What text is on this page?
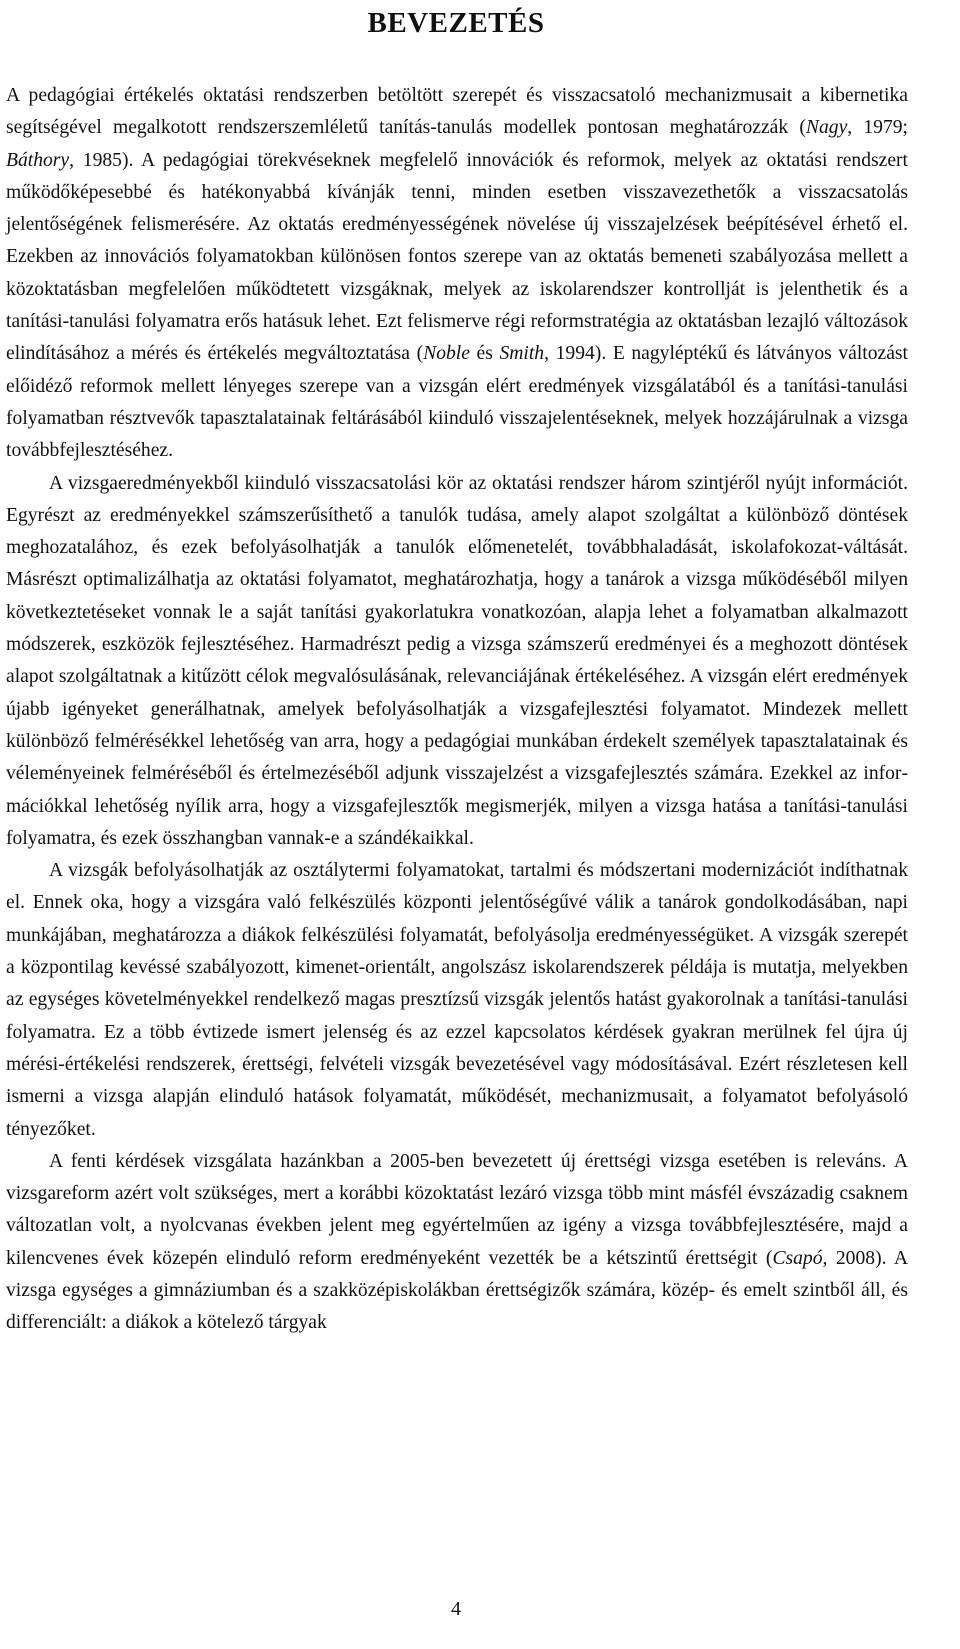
BEVEZETÉS

A pedagógiai értékelés oktatási rendszerben betöltött szerepét és visszacsatoló mechanizmusait a kibernetika segítségével megalkotott rendszerszemléletű tanítás-tanulás modellek pontosan meghatározzák (Nagy, 1979; Báthory, 1985). A pedagógiai törekvéseknek megfelelő innovációk és reformok, melyek az oktatási rendszert működőképesebbé és hatékonyabbá kívánják tenni, minden esetben visszavezethetők a visszacsatolás jelentőségének felismerésére. Az oktatás eredményességének növelése új visszajelzések beépítésével érhető el. Ezekben az innovációs folyamatokban különösen fontos szerepe van az oktatás bemeneti szabályozása mellett a közoktatásban megfelelően működtetett vizsgáknak, melyek az iskolarendszer kontrollját is jelenthetik és a tanítási-tanulási folyamatra erős hatásuk lehet. Ezt felismerve régi reformstratégia az oktatásban lezajló változások elindításához a mérés és értékelés megváltoztatása (Noble és Smith, 1994). E nagyléptékű és látványos változást előidéző reformok mellett lényeges szerepe van a vizsgán elért eredmények vizsgálatából és a tanítási-tanulási folyamatban résztvevők tapasztalatainak feltárásából kiinduló visszajelentéseknek, melyek hozzájárulnak a vizsga továbbfejlesztéséhez.

A vizsgaeredményekből kiinduló visszacsatolási kör az oktatási rendszer három szintjéről nyújt információt. Egyrészt az eredményekkel számszerűsíthető a tanulók tudása, amely alapot szolgáltat a különböző döntések meghozatalához, és ezek befolyásolhatják a tanulók előmenetelét, továbbhaladását, iskolafokozat-váltását. Másrészt optimalizálhatja az oktatási folyamatot, meghatározhatja, hogy a tanárok a vizsga működéséből milyen következtetéseket vonnak le a saját tanítási gyakorlatukra vonatkozóan, alapja lehet a folyamatban alkalmazott módszerek, eszközök fejlesztéséhez. Harmadrészt pedig a vizsga számszerű eredményei és a meghozott döntések alapot szolgáltatnak a kitűzött célok megvalósulásának, relevanciájának értékeléséhez. A vizsgán elért eredmények újabb igényeket generálhatnak, amelyek befolyásolhatják a vizsgafejlesztési folyamatot. Mindezek mellett különböző felmérésékkel lehetőség van arra, hogy a pedagógiai munkában érdekelt személyek tapasztalatainak és véleményeinek felméréséből és értelmezéséből adjunk visszajelzést a vizsgafejlesztés számára. Ezekkel az információkkal lehetőség nyílik arra, hogy a vizsgafejlesztők megismerjék, milyen a vizsga hatása a tanítási-tanulási folyamatra, és ezek összhangban vannak-e a szándékaikkal.

A vizsgák befolyásolhatják az osztálytermi folyamatokat, tartalmi és módszertani modernizációt indíthatnak el. Ennek oka, hogy a vizsgára való felkészülés központi jelentőségűvé válik a tanárok gondolkodásában, napi munkájában, meghatározza a diákok felkészülési folyamatát, befolyásolja eredményességüket. A vizsgák szerepét a központilag kevéssé szabályozott, kimenet-orientált, angolszász iskolarendszerek példája is mutatja, melyekben az egységes követelményekkel rendelkező magas presztízsű vizsgák jelentős hatást gyakorolnak a tanítási-tanulási folyamatra. Ez a több évtizede ismert jelenség és az ezzel kapcsolatos kérdések gyakran merülnek fel újra új mérési-értékelési rendszerek, érettségi, felvételi vizsgák bevezetésével vagy módosításával. Ezért részletesen kell ismerni a vizsga alapján elinduló hatások folyamatát, működését, mechanizmusait, a folyamatot befolyásoló tényezőket.

A fenti kérdések vizsgálata hazánkban a 2005-ben bevezetett új érettségi vizsga esetében is releváns. A vizsgareform azért volt szükséges, mert a korábbi közoktatást lezáró vizsga több mint másfél évszázadig csaknem változatlan volt, a nyolcvanas években jelent meg egyértelműen az igény a vizsga továbbfejlesztésére, majd a kilencvenes évek közepén elinduló reform eredményeként vezették be a kétszintű érettségit (Csapó, 2008). A vizsga egységes a gimnáziumban és a szakközépiskolákban érettségizők számára, közép- és emelt szintből áll, és differenciált: a diákok a kötelező tárgyak

4
